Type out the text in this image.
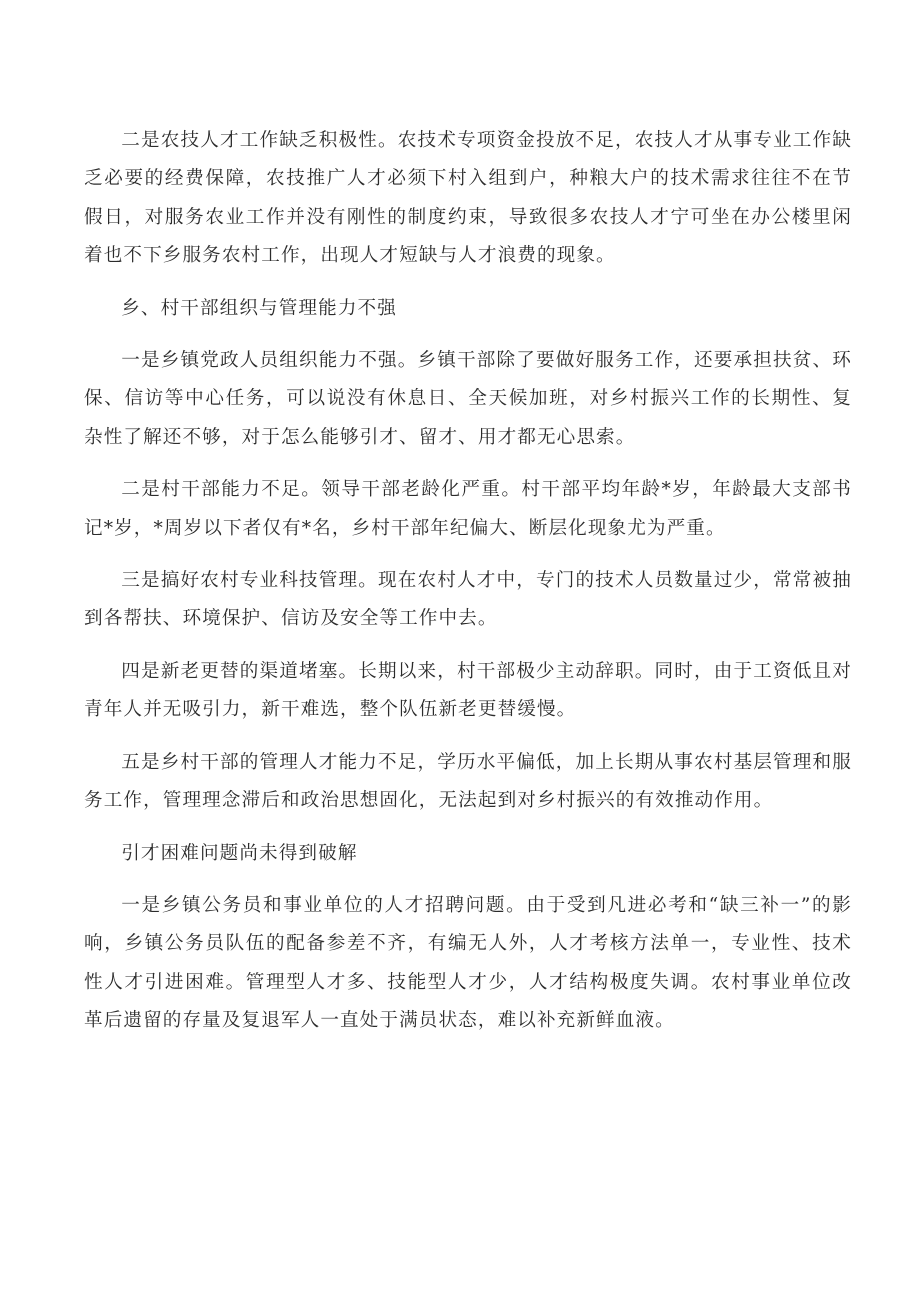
二是农技人才工作缺乏积极性。农技术专项资金投放不足，农技人才从事专业工作缺乏必要的经费保障，农技推广人才必须下村入组到户，种粮大户的技术需求往往不在节假日，对服务农业工作并没有刚性的制度约束，导致很多农技人才宁可坐在办公楼里闲着也不下乡服务农村工作，出现人才短缺与人才浪费的现象。

乡、村干部组织与管理能力不强

一是乡镇党政人员组织能力不强。乡镇干部除了要做好服务工作，还要承担扶贫、环保、信访等中心任务，可以说没有休息日、全天候加班，对乡村振兴工作的长期性、复杂性了解还不够，对于怎么能够引才、留才、用才都无心思索。

二是村干部能力不足。领导干部老龄化严重。村干部平均年龄*岁，年龄最大支部书记*岁，*周岁以下者仅有*名，乡村干部年纪偏大、断层化现象尤为严重。

三是搞好农村专业科技管理。现在农村人才中，专门的技术人员数量过少，常常被抽到各帮扶、环境保护、信访及安全等工作中去。

四是新老更替的渠道堵塞。长期以来，村干部极少主动辞职。同时，由于工资低且对青年人并无吸引力，新干难选，整个队伍新老更替缓慢。

五是乡村干部的管理人才能力不足，学历水平偏低，加上长期从事农村基层管理和服务工作，管理理念滞后和政治思想固化，无法起到对乡村振兴的有效推动作用。

引才困难问题尚未得到破解

一是乡镇公务员和事业单位的人才招聘问题。由于受到凡进必考和“缺三补一”的影响，乡镇公务员队伍的配备参差不齐，有编无人外，人才考核方法单一，专业性、技术性人才引进困难。管理型人才多、技能型人才少，人才结构极度失调。农村事业单位改革后遗留的存量及复退军人一直处于满员状态，难以补充新鲜血液。
